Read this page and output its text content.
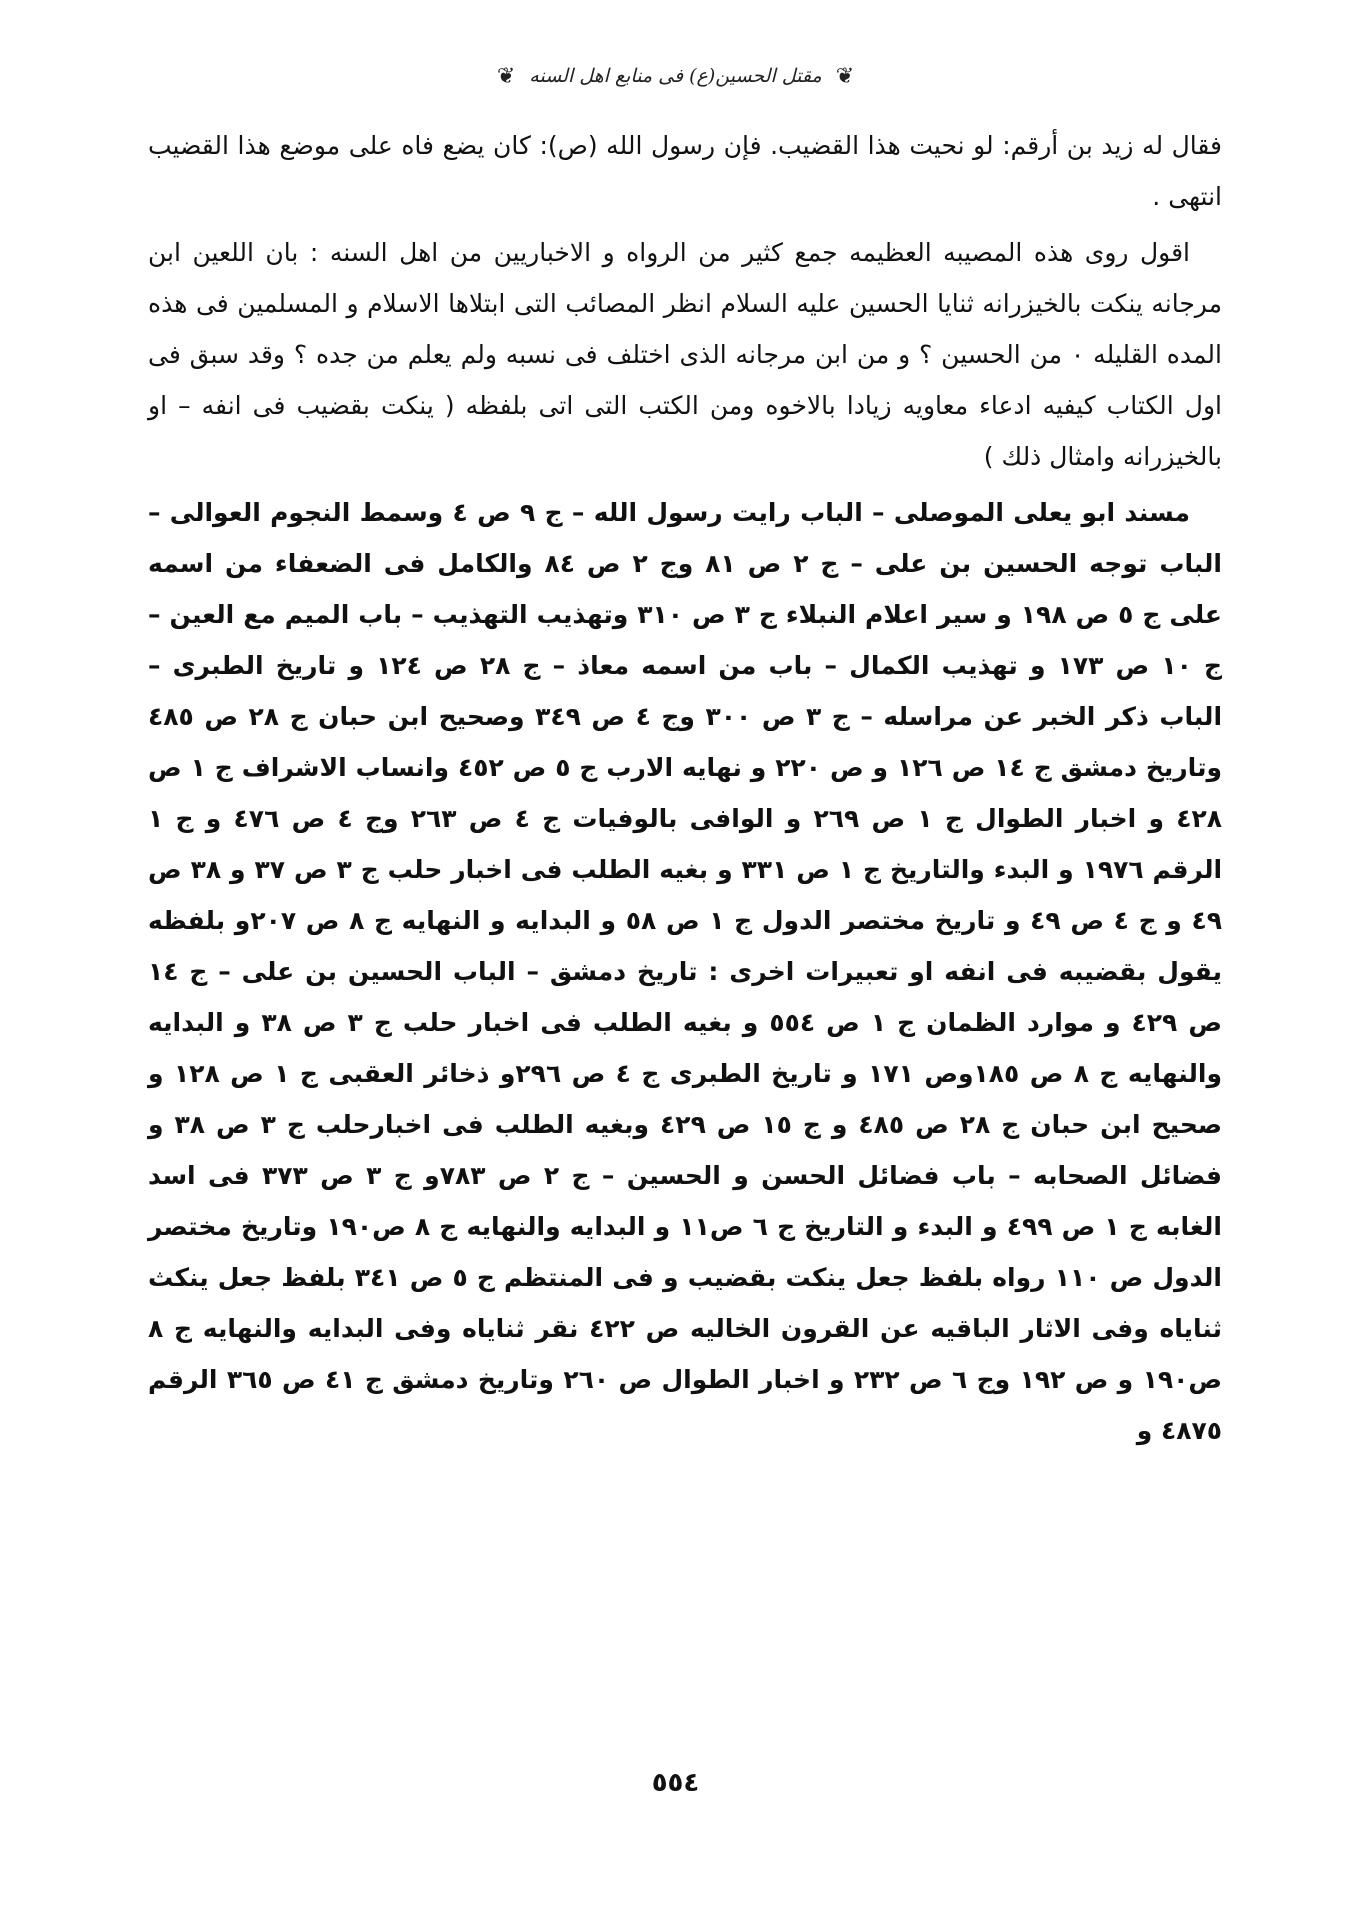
❦ مقتل الحسین(ع) فی منابع اهل السنه ❦

فقال له زيد بن أرقم: لو نحيت هذا القضيب. فإن رسول الله (ص): كان يضع فاه على موضع هذا القضيب انتهى .

اقول روى هذه المصيبه العظيمه جمع كثير من الرواه و الاخباريين من اهل السنه : بان اللعين ابن مرجانه ينكت بالخيزرانه ثنايا الحسين عليه السلام انظر المصائب التى ابتلاها الاسلام و المسلمين فى هذه المده القليله ٠ من الحسين ؟ و من ابن مرجانه الذى اختلف فى نسبه ولم يعلم من جده ؟ وقد سبق فى اول الكتاب كيفيه ادعاء معاويه زيادا بالاخوه ومن الكتب التى اتى بلفظه ( ينكت بقضيب فى انفه – او بالخيزرانه وامثال ذلك )

مسند ابو يعلى الموصلى – الباب رايت رسول الله – ج ٩ ص ٤ وسمط النجوم العوالى – الباب توجه الحسين بن على – ج ٢ ص ٨١ وج ٢ ص ٨٤ والكامل فى الضعفاء من اسمه على ج ٥ ص ١٩٨ و سير اعلام النبلاء ج ٣ ص ٣١٠ وتهذيب التهذيب – باب الميم مع العين – ج ١٠ ص ١٧٣ و تهذيب الكمال – باب من اسمه معاذ – ج ٢٨ ص ١٢٤ و تاريخ الطبرى – الباب ذكر الخبر عن مراسله – ج ٣ ص ٣٠٠ وج ٤ ص ٣٤٩ وصحيح ابن حبان ج ٢٨ ص ٤٨٥ وتاريخ دمشق ج ١٤ ص ١٢٦ و ص ٢٢٠ و نهايه الارب ج ٥ ص ٤٥٢ وانساب الاشراف ج ١ ص ٤٢٨ و اخبار الطوال ج ١ ص ٢٦٩ و الوافى بالوفيات ج ٤ ص ٢٦٣ وج ٤ ص ٤٧٦ و ج ١ الرقم ١٩٧٦ و البدء والتاريخ ج ١ ص ٣٣١ و بغيه الطلب فى اخبار حلب ج ٣ ص ٣٧ و ٣٨ ص ٤٩ و ج ٤ ص ٤٩ و تاريخ مختصر الدول ج ١ ص ٥٨ و البدايه و النهايه ج ٨ ص ٢٠٧و بلفظه يقول بقضيبه فى انفه او تعبيرات اخرى : تاريخ دمشق – الباب الحسين بن على – ج ١٤ ص ٤٢٩ و موارد الظمان ج ١ ص ٥٥٤ و بغيه الطلب فى اخبار حلب ج ٣ ص ٣٨ و البدايه والنهايه ج ٨ ص ١٨٥وص ١٧١ و تاريخ الطبرى ج ٤ ص ٢٩٦و ذخائر العقبى ج ١ ص ١٢٨ و صحيح ابن حبان ج ٢٨ ص ٤٨٥ و ج ١٥ ص ٤٢٩ وبغيه الطلب فى اخبارحلب ج ٣ ص ٣٨ و فضائل الصحابه – باب فضائل الحسن و الحسين – ج ٢ ص ٧٨٣و ج ٣ ص ٣٧٣ فى اسد الغابه ج ١ ص ٤٩٩ و البدء و التاريخ ج ٦ ص١١ و البدايه والنهايه ج ٨ ص١٩٠ وتاريخ مختصر الدول ص ١١٠ رواه بلفظ جعل ينكت بقضيب و فى المنتظم ج ٥ ص ٣٤١ بلفظ جعل ينكث ثناياه وفى الاثار الباقيه عن القرون الخاليه ص ٤٢٢ نقر ثناياه وفى البدايه والنهايه ج ٨ ص١٩٠ و ص ١٩٢ وج ٦ ص ٢٣٢ و اخبار الطوال ص ٢٦٠ وتاريخ دمشق ج ٤١ ص ٣٦٥ الرقم ٤٨٧٥ و

٥٥٤
